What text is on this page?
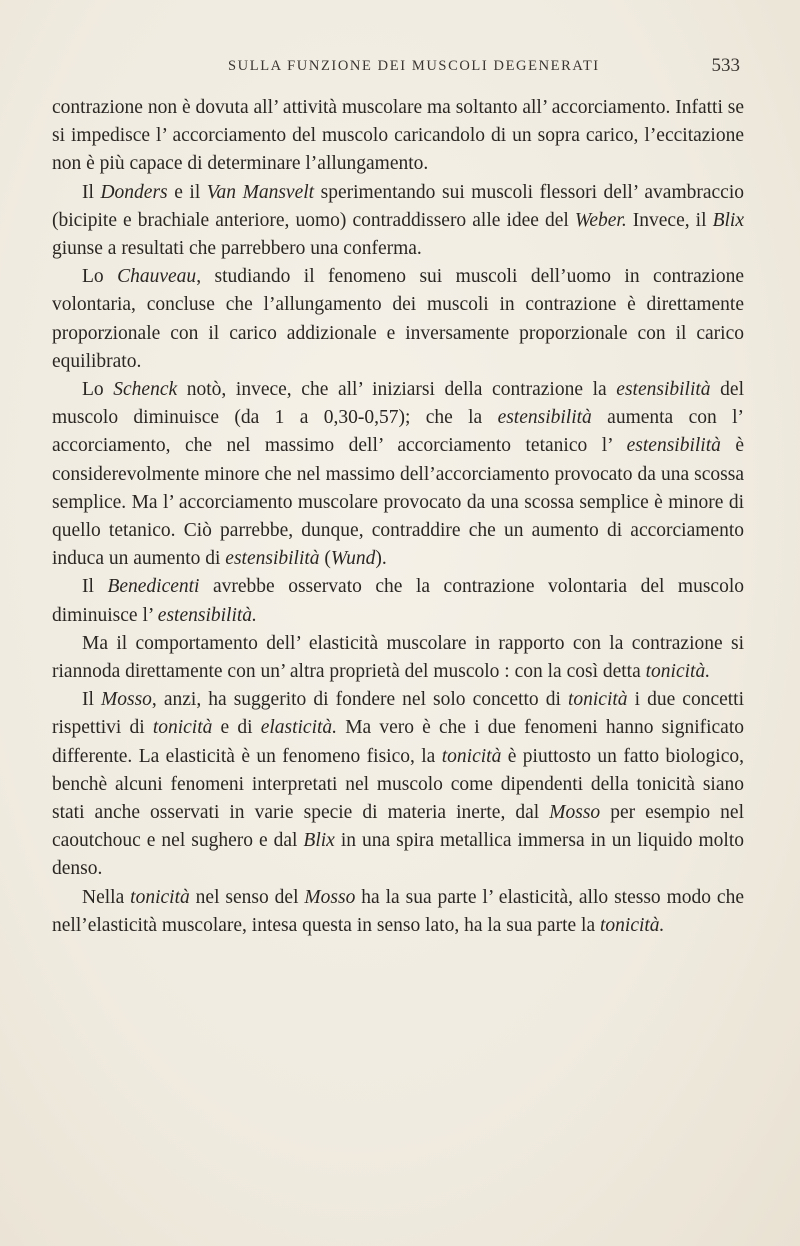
SULLA FUNZIONE DEI MUSCOLI DEGENERATI	533

contrazione non è dovuta all’ attività muscolare ma soltanto all’ accorciamento. Infatti se si impedisce l’ accorciamento del muscolo caricandolo di un sopra carico, l’eccitazione non è più capace di determinare l’allungamento.

Il Donders e il Van Mansvelt sperimentando sui muscoli flessori dell’ avambraccio (bicipite e brachiale anteriore, uomo) contraddissero alle idee del Weber. Invece, il Blix giunse a resultati che parrebbero una conferma.

Lo Chauveau, studiando il fenomeno sui muscoli dell’uomo in contrazione volontaria, concluse che l’allungamento dei muscoli in contrazione è direttamente proporzionale con il carico addizionale e inversamente proporzionale con il carico equilibrato.

Lo Schenck notò, invece, che all’ iniziarsi della contrazione la estensibilità del muscolo diminuisce (da 1 a 0,30-0,57); che la estensibilità aumenta con l’ accorciamento, che nel massimo dell’ accorciamento tetanico l’ estensibilità è considerevolmente minore che nel massimo dell’accorciamento provocato da una scossa semplice. Ma l’ accorciamento muscolare provocato da una scossa semplice è minore di quello tetanico. Ciò parrebbe, dunque, contraddire che un aumento di accorciamento induca un aumento di estensibilità (Wund).

Il Benedicenti avrebbe osservato che la contrazione volontaria del muscolo diminuisce l’ estensibilità.

Ma il comportamento dell’ elasticità muscolare in rapporto con la contrazione si riannoda direttamente con un’ altra proprietà del muscolo : con la così detta tonicità.

Il Mosso, anzi, ha suggerito di fondere nel solo concetto di tonicità i due concetti rispettivi di tonicità e di elasticità. Ma vero è che i due fenomeni hanno significato differente. La elasticità è un fenomeno fisico, la tonicità è piuttosto un fatto biologico, benchè alcuni fenomeni interpretati nel muscolo come dipendenti della tonicità siano stati anche osservati in varie specie di materia inerte, dal Mosso per esempio nel caoutchouc e nel sughero e dal Blix in una spira metallica immersa in un liquido molto denso.

Nella tonicità nel senso del Mosso ha la sua parte l’ elasticità, allo stesso modo che nell’elasticità muscolare, intesa questa in senso lato, ha la sua parte la tonicità.
